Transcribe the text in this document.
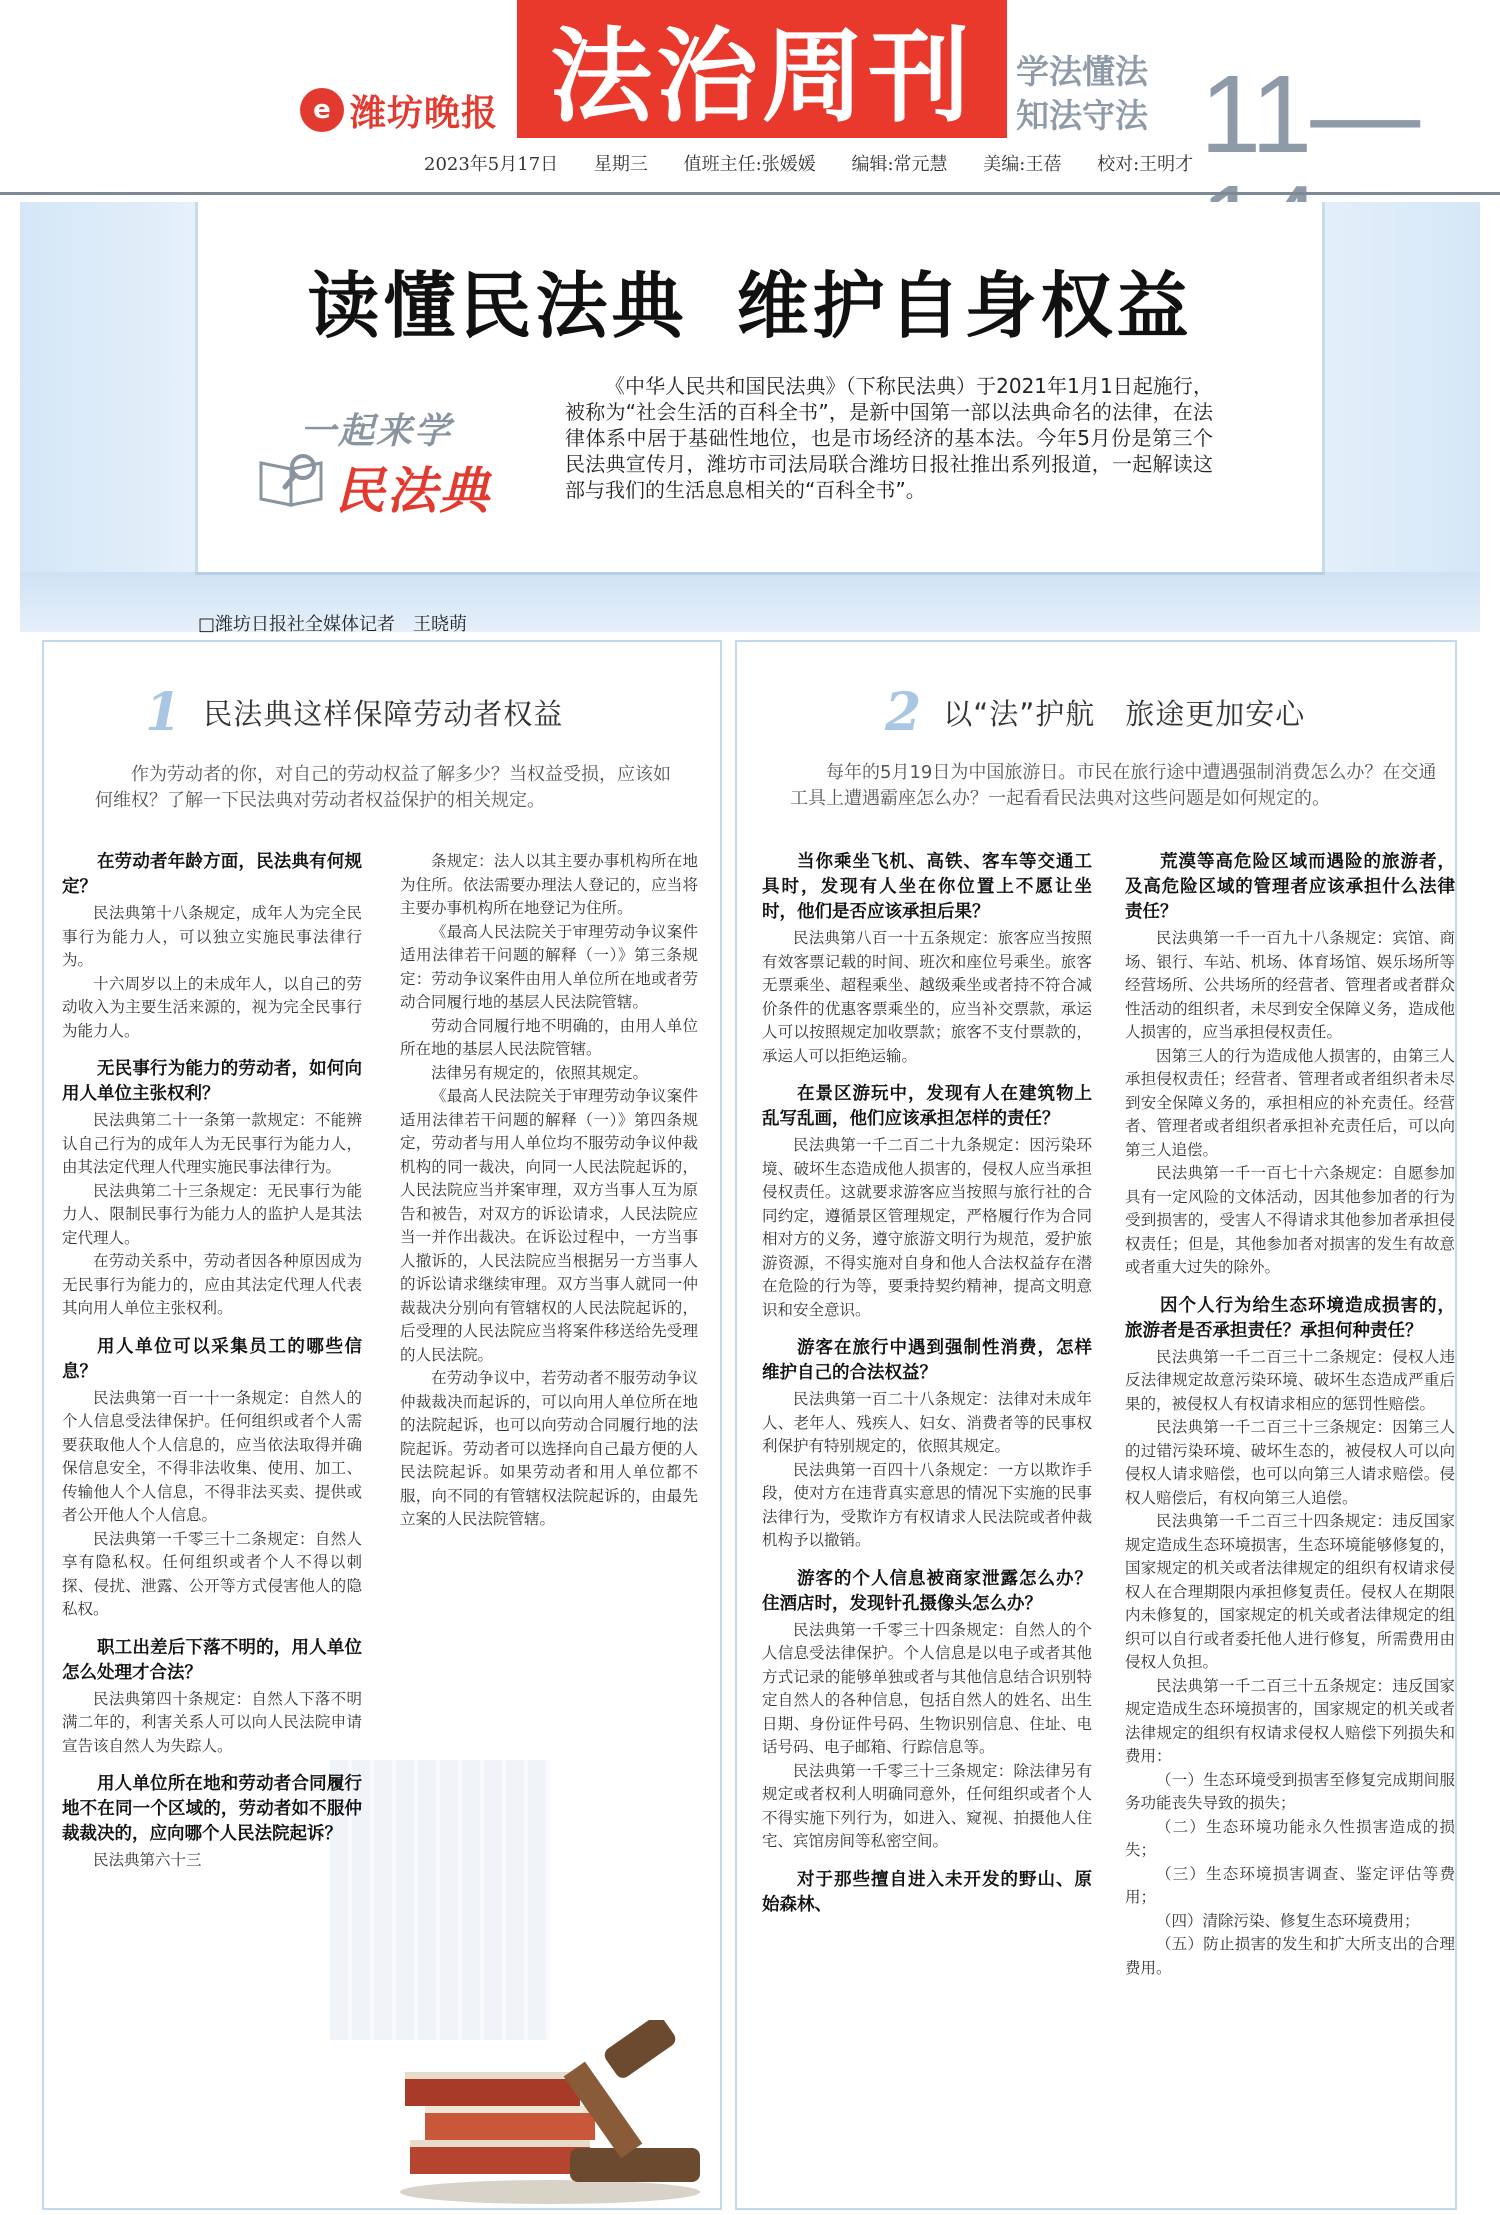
e 潍坊晚报 法治周刊	学法懂法
知法守法 11—
2023年5月17日 星期三 值班主任:张媛媛 编辑:常元慧 美编:王蓓 校对:王明才
读懂民法典 维护自身权益
一起来学
民法典
《中华人民共和国民法典》（下称民法典）于2021年1月1日起施行，被称为“社会生活的百科全书”，是新中国第一部以法典命名的法律，在法律体系中居于基础性地位，也是市场经济的基本法。今年5月份是第三个民法典宣传月，潍坊市司法局联合潍坊日报社推出系列报道，一起解读这部与我们的生活息息相关的“百科全书”。
□潍坊日报社全媒体记者　王晓萌
1 民法典这样保障劳动者权益
作为劳动者的你，对自己的劳动权益了解多少？当权益受损，应该如何维权？了解一下民法典对劳动者权益保护的相关规定。
在劳动者年龄方面，民法典有何规定？

民法典第十八条规定，成年人为完全民事行为能力人，可以独立实施民事法律行为。

十六周岁以上的未成年人，以自己的劳动收入为主要生活来源的，视为完全民事行为能力人。

无民事行为能力的劳动者，如何向用人单位主张权利？

民法典第二十一条第一款规定：不能辨认自己行为的成年人为无民事行为能力人，由其法定代理人代理实施民事法律行为。

民法典第二十三条规定：无民事行为能力人、限制民事行为能力人的监护人是其法定代理人。

在劳动关系中，劳动者因各种原因成为无民事行为能力的，应由其法定代理人代表其向用人单位主张权利。

用人单位可以采集员工的哪些信息？

民法典第一百一十一条规定：自然人的个人信息受法律保护。任何组织或者个人需要获取他人个人信息的，应当依法取得并确保信息安全，不得非法收集、使用、加工、传输他人个人信息，不得非法买卖、提供或者公开他人个人信息。

民法典第一千零三十二条规定：自然人享有隐私权。任何组织或者个人不得以刺探、侵扰、泄露、公开等方式侵害他人的隐私权。

职工出差后下落不明的，用人单位怎么处理才合法？

民法典第四十条规定：自然人下落不明满二年的，利害关系人可以向人民法院申请宣告该自然人为失踪人。

用人单位所在地和劳动者合同履行地不在同一个区域的，劳动者如不服仲裁裁决的，应向哪个人民法院起诉？

民法典第六十三

条规定：法人以其主要办事机构所在地为住所。依法需要办理法人登记的，应当将主要办事机构所在地登记为住所。

《最高人民法院关于审理劳动争议案件适用法律若干问题的解释（一）》第三条规定：劳动争议案件由用人单位所在地或者劳动合同履行地的基层人民法院管辖。

劳动合同履行地不明确的，由用人单位所在地的基层人民法院管辖。

法律另有规定的，依照其规定。

《最高人民法院关于审理劳动争议案件适用法律若干问题的解释（一）》第四条规定，劳动者与用人单位均不服劳动争议仲裁机构的同一裁决，向同一人民法院起诉的，人民法院应当并案审理，双方当事人互为原告和被告，对双方的诉讼请求，人民法院应当一并作出裁决。在诉讼过程中，一方当事人撤诉的，人民法院应当根据另一方当事人的诉讼请求继续审理。双方当事人就同一仲裁裁决分别向有管辖权的人民法院起诉的，后受理的人民法院应当将案件移送给先受理的人民法院。

在劳动争议中，若劳动者不服劳动争议仲裁裁决而起诉的，可以向用人单位所在地的法院起诉，也可以向劳动合同履行地的法院起诉。劳动者可以选择向自己最方便的人民法院起诉。如果劳动者和用人单位都不服，向不同的有管辖权法院起诉的，由最先立案的人民法院管辖。

2 以“法”护航　旅途更加安心
每年的5月19日为中国旅游日。市民在旅行途中遭遇强制消费怎么办？在交通工具上遭遇霸座怎么办？一起看看民法典对这些问题是如何规定的。
当你乘坐飞机、高铁、客车等交通工具时，发现有人坐在你位置上不愿让坐时，他们是否应该承担后果？

民法典第八百一十五条规定：旅客应当按照有效客票记载的时间、班次和座位号乘坐。旅客无票乘坐、超程乘坐、越级乘坐或者持不符合减价条件的优惠客票乘坐的，应当补交票款，承运人可以按照规定加收票款；旅客不支付票款的，承运人可以拒绝运输。

在景区游玩中，发现有人在建筑物上乱写乱画，他们应该承担怎样的责任？

民法典第一千二百二十九条规定：因污染环境、破坏生态造成他人损害的，侵权人应当承担侵权责任。这就要求游客应当按照与旅行社的合同约定，遵循景区管理规定，严格履行作为合同相对方的义务，遵守旅游文明行为规范，爱护旅游资源，不得实施对自身和他人合法权益存在潜在危险的行为等，要秉持契约精神，提高文明意识和安全意识。

游客在旅行中遇到强制性消费，怎样维护自己的合法权益？

民法典第一百二十八条规定：法律对未成年人、老年人、残疾人、妇女、消费者等的民事权利保护有特别规定的，依照其规定。

民法典第一百四十八条规定：一方以欺诈手段，使对方在违背真实意思的情况下实施的民事法律行为，受欺诈方有权请求人民法院或者仲裁机构予以撤销。

游客的个人信息被商家泄露怎么办？住酒店时，发现针孔摄像头怎么办？

民法典第一千零三十四条规定：自然人的个人信息受法律保护。个人信息是以电子或者其他方式记录的能够单独或者与其他信息结合识别特定自然人的各种信息，包括自然人的姓名、出生日期、身份证件号码、生物识别信息、住址、电话号码、电子邮箱、行踪信息等。

民法典第一千零三十三条规定：除法律另有规定或者权利人明确同意外，任何组织或者个人不得实施下列行为，如进入、窥视、拍摄他人住宅、宾馆房间等私密空间。

对于那些擅自进入未开发的野山、原始森林、
荒漠等高危险区域而遇险的旅游者，及高危险区域的管理者应该承担什么法律责任？

民法典第一千一百九十八条规定：宾馆、商场、银行、车站、机场、体育场馆、娱乐场所等经营场所、公共场所的经营者、管理者或者群众性活动的组织者，未尽到安全保障义务，造成他人损害的，应当承担侵权责任。

因第三人的行为造成他人损害的，由第三人承担侵权责任；经营者、管理者或者组织者未尽到安全保障义务的，承担相应的补充责任。经营者、管理者或者组织者承担补充责任后，可以向第三人追偿。

民法典第一千一百七十六条规定：自愿参加具有一定风险的文体活动，因其他参加者的行为受到损害的，受害人不得请求其他参加者承担侵权责任；但是，其他参加者对损害的发生有故意或者重大过失的除外。

因个人行为给生态环境造成损害的，旅游者是否承担责任？承担何种责任？

民法典第一千二百三十二条规定：侵权人违反法律规定故意污染环境、破坏生态造成严重后果的，被侵权人有权请求相应的惩罚性赔偿。

民法典第一千二百三十三条规定：因第三人的过错污染环境、破坏生态的，被侵权人可以向侵权人请求赔偿，也可以向第三人请求赔偿。侵权人赔偿后，有权向第三人追偿。

民法典第一千二百三十四条规定：违反国家规定造成生态环境损害，生态环境能够修复的，国家规定的机关或者法律规定的组织有权请求侵权人在合理期限内承担修复责任。侵权人在期限内未修复的，国家规定的机关或者法律规定的组织可以自行或者委托他人进行修复，所需费用由侵权人负担。

民法典第一千二百三十五条规定：违反国家规定造成生态环境损害的，国家规定的机关或者法律规定的组织有权请求侵权人赔偿下列损失和费用：

（一）生态环境受到损害至修复完成期间服务功能丧失导致的损失；

（二）生态环境功能永久性损害造成的损失；

（三）生态环境损害调查、鉴定评估等费用；

（四）清除污染、修复生态环境费用；

（五）防止损害的发生和扩大所支出的合理费用。
